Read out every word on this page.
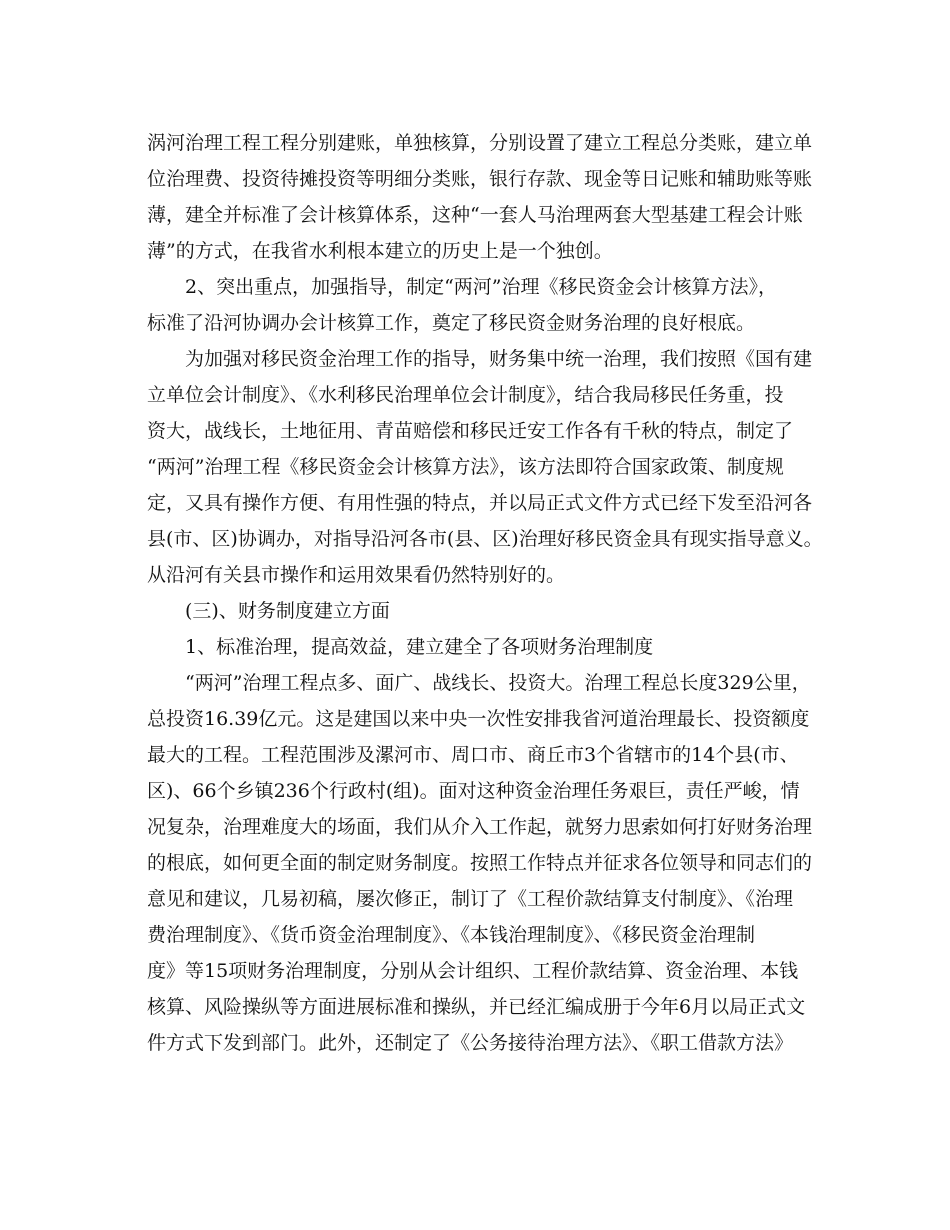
涡河治理工程工程分别建账，单独核算，分别设置了建立工程总分类账，建立单
位治理费、投资待摊投资等明细分类账，银行存款、现金等日记账和辅助账等账
薄，建全并标准了会计核算体系，这种“一套人马治理两套大型基建工程会计账
薄”的方式，在我省水利根本建立的历史上是一个独创。
2、突出重点，加强指导，制定“两河”治理《移民资金会计核算方法》，
标准了沿河协调办会计核算工作，奠定了移民资金财务治理的良好根底。
为加强对移民资金治理工作的指导，财务集中统一治理，我们按照《国有建
立单位会计制度》、《水利移民治理单位会计制度》，结合我局移民任务重，投
资大，战线长，土地征用、青苗赔偿和移民迁安工作各有千秋的特点，制定了
“两河”治理工程《移民资金会计核算方法》，该方法即符合国家政策、制度规
定，又具有操作方便、有用性强的特点，并以局正式文件方式已经下发至沿河各
县(市、区)协调办，对指导沿河各市(县、区)治理好移民资金具有现实指导意义。
从沿河有关县市操作和运用效果看仍然特别好的。
(三)、财务制度建立方面
1、标准治理，提高效益，建立建全了各项财务治理制度
“两河”治理工程点多、面广、战线长、投资大。治理工程总长度329公里，
总投资16.39亿元。这是建国以来中央一次性安排我省河道治理最长、投资额度
最大的工程。工程范围涉及漯河市、周口市、商丘市3个省辖市的14个县(市、
区)、66个乡镇236个行政村(组)。面对这种资金治理任务艰巨，责任严峻，情
况复杂，治理难度大的场面，我们从介入工作起，就努力思索如何打好财务治理
的根底，如何更全面的制定财务制度。按照工作特点并征求各位领导和同志们的
意见和建议，几易初稿，屡次修正，制订了《工程价款结算支付制度》、《治理
费治理制度》、《货币资金治理制度》、《本钱治理制度》、《移民资金治理制
度》等15项财务治理制度，分别从会计组织、工程价款结算、资金治理、本钱
核算、风险操纵等方面进展标准和操纵，并已经汇编成册于今年6月以局正式文
件方式下发到部门。此外，还制定了《公务接待治理方法》、《职工借款方法》
